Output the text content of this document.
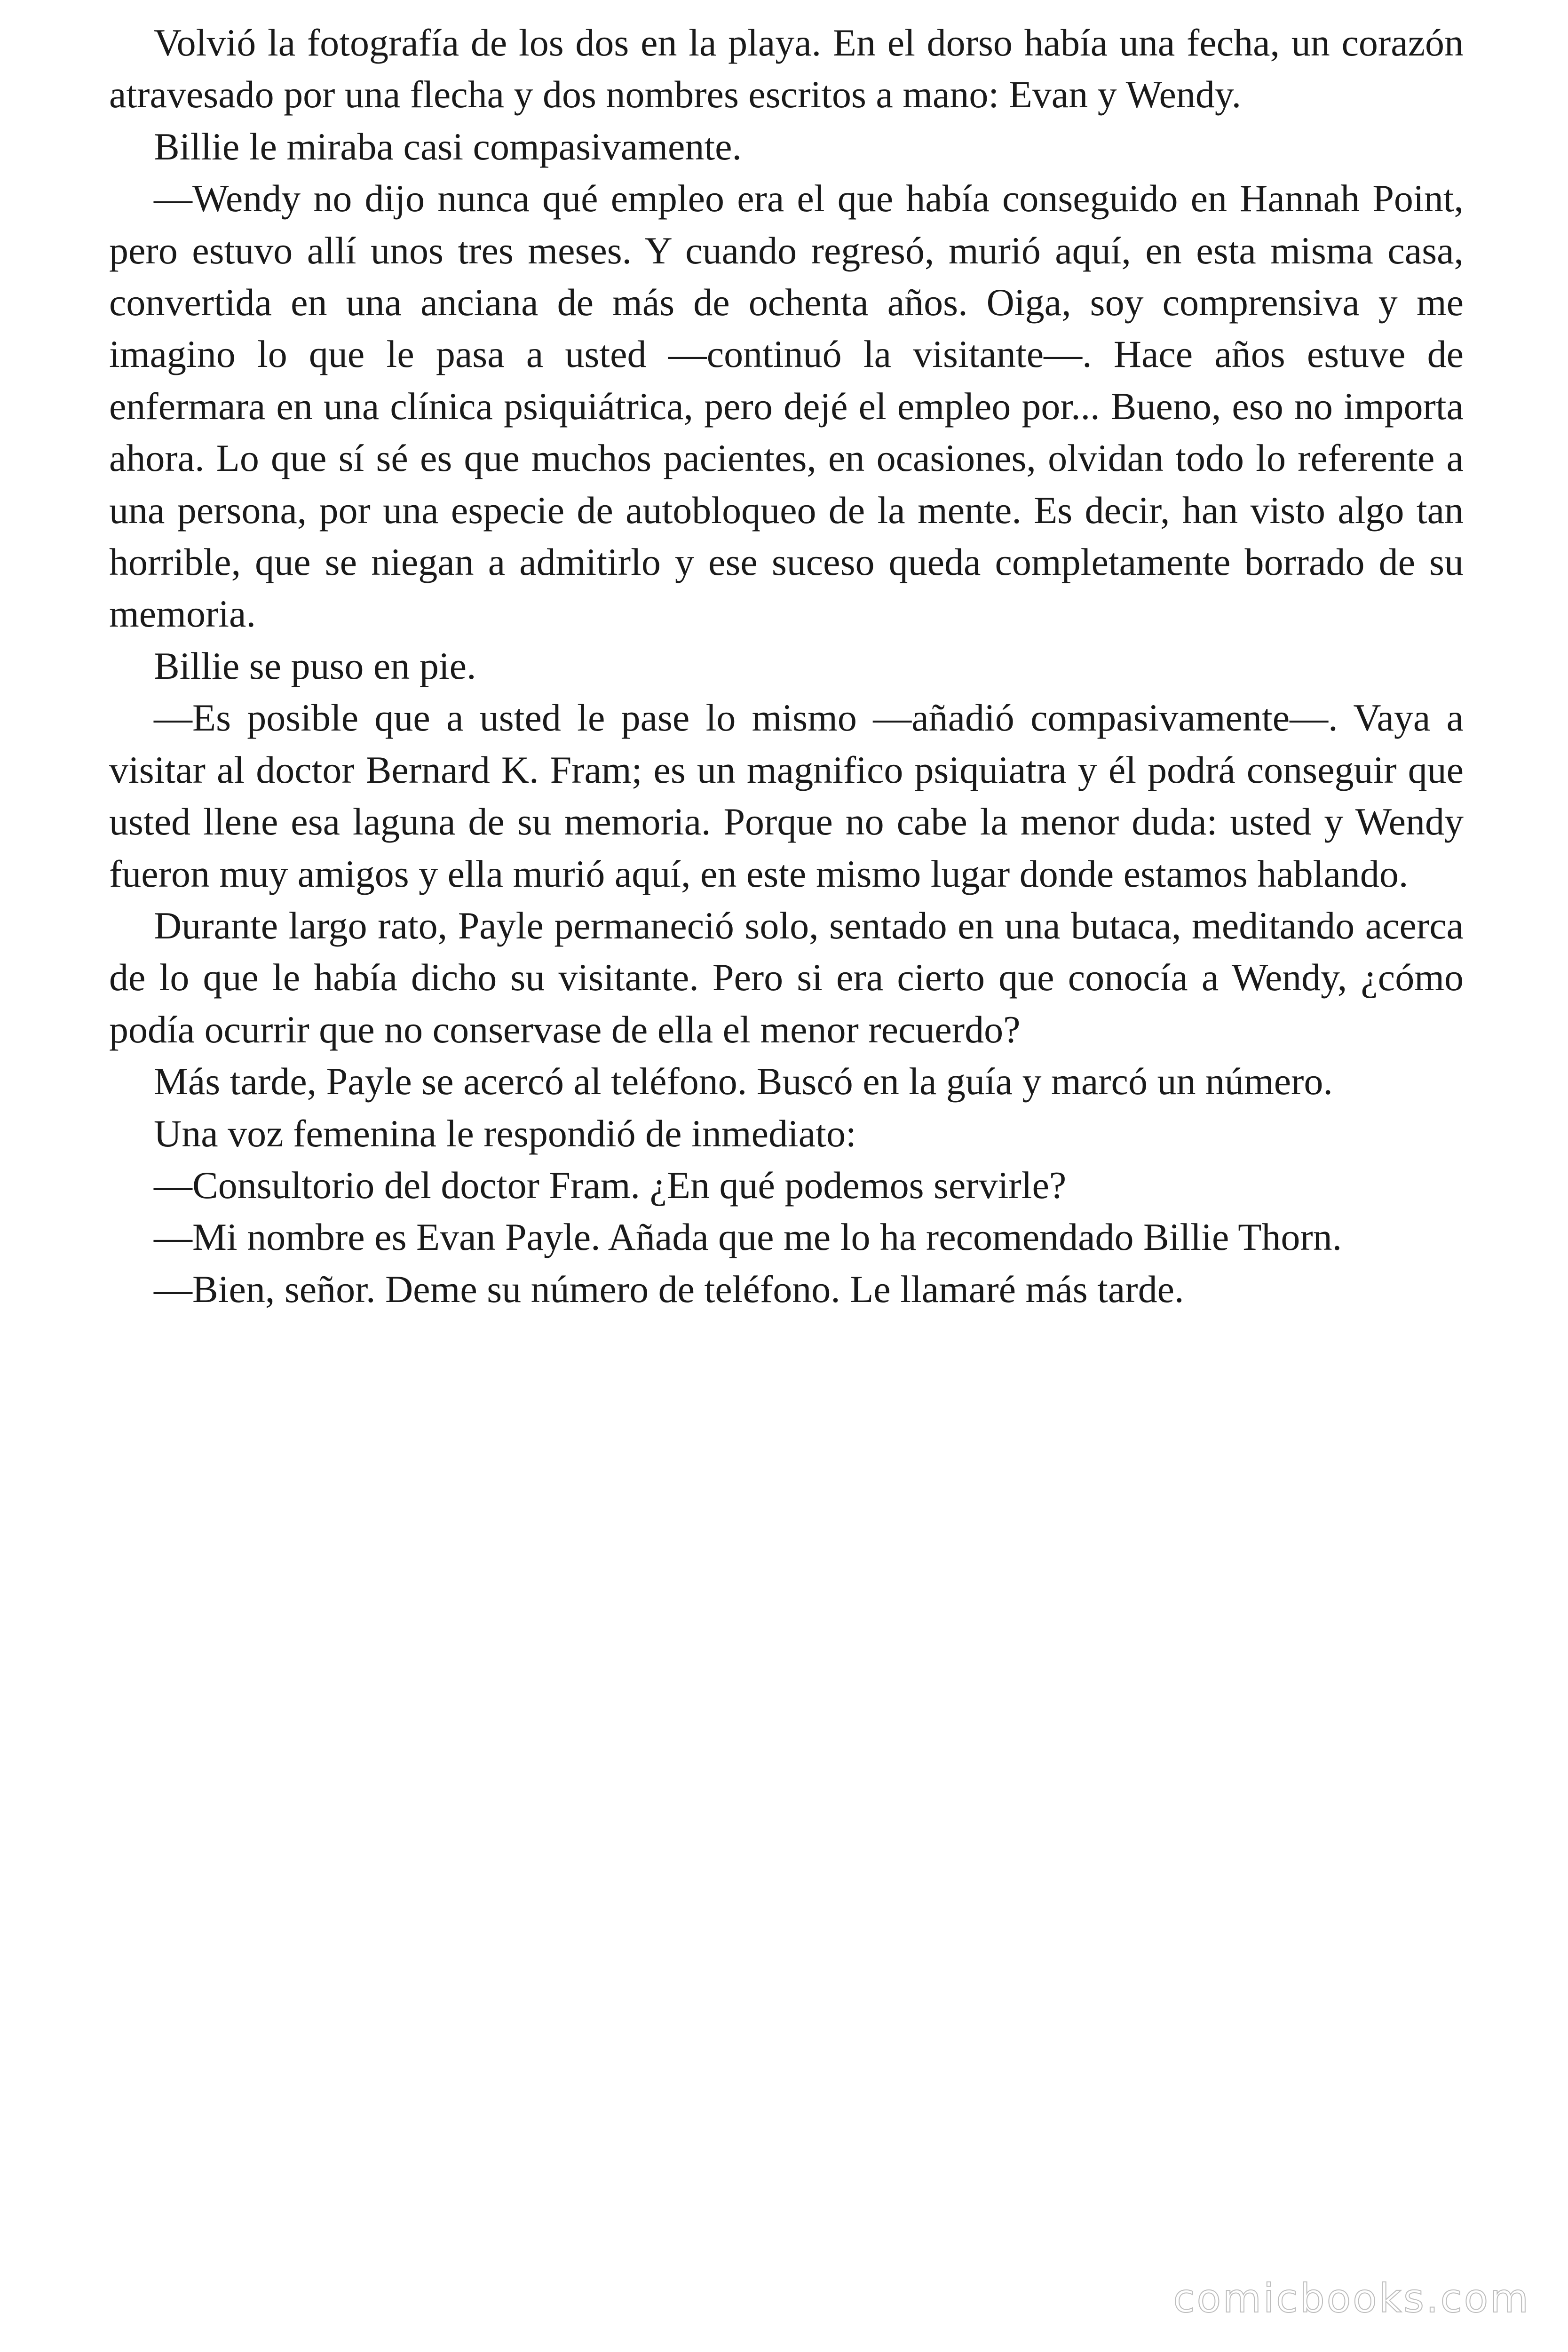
Volvió la fotografía de los dos en la playa. En el dorso había una fecha, un corazón atravesado por una flecha y dos nombres escritos a mano: Evan y Wendy.

Billie le miraba casi compasivamente.

—Wendy no dijo nunca qué empleo era el que había conseguido en Hannah Point, pero estuvo allí unos tres meses. Y cuando regresó, murió aquí, en esta misma casa, convertida en una anciana de más de ochenta años. Oiga, soy comprensiva y me imagino lo que le pasa a usted —continuó la visitante—. Hace años estuve de enfermara en una clínica psiquiátrica, pero dejé el empleo por... Bueno, eso no importa ahora. Lo que sí sé es que muchos pacientes, en ocasiones, olvidan todo lo referente a una persona, por una especie de autobloqueo de la mente. Es decir, han visto algo tan horrible, que se niegan a admitirlo y ese suceso queda completamente borrado de su memoria.

Billie se puso en pie.

—Es posible que a usted le pase lo mismo —añadió compasivamente—. Vaya a visitar al doctor Bernard K. Fram; es un magnifico psiquiatra y él podrá conseguir que usted llene esa laguna de su memoria. Porque no cabe la menor duda: usted y Wendy fueron muy amigos y ella murió aquí, en este mismo lugar donde estamos hablando.

Durante largo rato, Payle permaneció solo, sentado en una butaca, meditando acerca de lo que le había dicho su visitante. Pero si era cierto que conocía a Wendy, ¿cómo podía ocurrir que no conservase de ella el menor recuerdo?

Más tarde, Payle se acercó al teléfono. Buscó en la guía y marcó un número.

Una voz femenina le respondió de inmediato:

—Consultorio del doctor Fram. ¿En qué podemos servirle?

—Mi nombre es Evan Payle. Añada que me lo ha recomendado Billie Thorn.

—Bien, señor. Deme su número de teléfono. Le llamaré más tarde.

comicbooks.com
